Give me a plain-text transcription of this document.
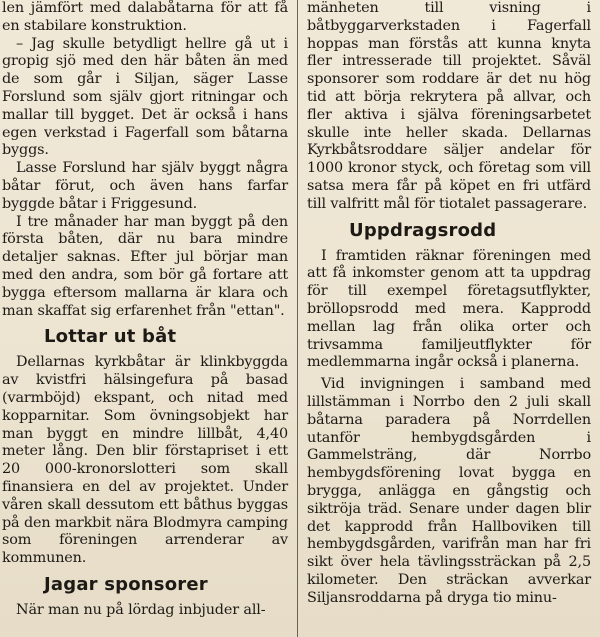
len jämfört med dalabåtarna för att få en stabilare konstruktion.

– Jag skulle betydligt hellre gå ut i gropig sjö med den här båten än med de som går i Siljan, säger Lasse Forslund som själv gjort ritningar och mallar till bygget. Det är också i hans egen verkstad i Fagerfall som båtarna byggs.

Lasse Forslund har själv byggt några båtar förut, och även hans farfar byggde båtar i Friggesund.

I tre månader har man byggt på den första båten, där nu bara mindre detaljer saknas. Efter jul börjar man med den andra, som bör gå fortare att bygga eftersom mallarna är klara och man skaffat sig erfarenhet från "ettan".

Lottar ut båt

Dellarnas kyrkbåtar är klinkbyggda av kvistfri hälsingefura på basad (varmböjd) ekspant, och nitad med kopparnitar. Som övningsobjekt har man byggt en mindre lillbåt, 4,40 meter lång. Den blir förstapriset i ett 20 000-kronorslotteri som skall finansiera en del av projektet. Under våren skall dessutom ett båthus byggas på den markbit nära Blodmyra camping som föreningen arrenderar av kommunen.

Jagar sponsorer

När man nu på lördag inbjuder all-

mänheten till visning i båtbyggarverkstaden i Fagerfall hoppas man förstås att kunna knyta fler intresserade till projektet. Såväl sponsorer som roddare är det nu hög tid att börja rekrytera på allvar, och fler aktiva i själva föreningsarbetet skulle inte heller skada. Dellarnas Kyrkbåtsroddare säljer andelar för 1000 kronor styck, och företag som vill satsa mera får på köpet en fri utfärd till valfritt mål för tiotalet passagerare.

Uppdragsrodd

I framtiden räknar föreningen med att få inkomster genom att ta uppdrag för till exempel företagsutflykter, bröllopsrodd med mera. Kapprodd mellan lag från olika orter och trivsamma familjeutflykter för medlemmarna ingår också i planerna.

Vid invigningen i samband med lillstämman i Norrbo den 2 juli skall båtarna paradera på Norrdellen utanför hembygdsgården i Gammelsträng, där Norrbo hembygdsförening lovat bygga en brygga, anlägga en gångstig och siktröja träd. Senare under dagen blir det kapprodd från Hallboviken till hembygdsgården, varifrån man har fri sikt över hela tävlingssträckan på 2,5 kilometer. Den sträckan avverkar Siljansroddarna på dryga tio minu-
